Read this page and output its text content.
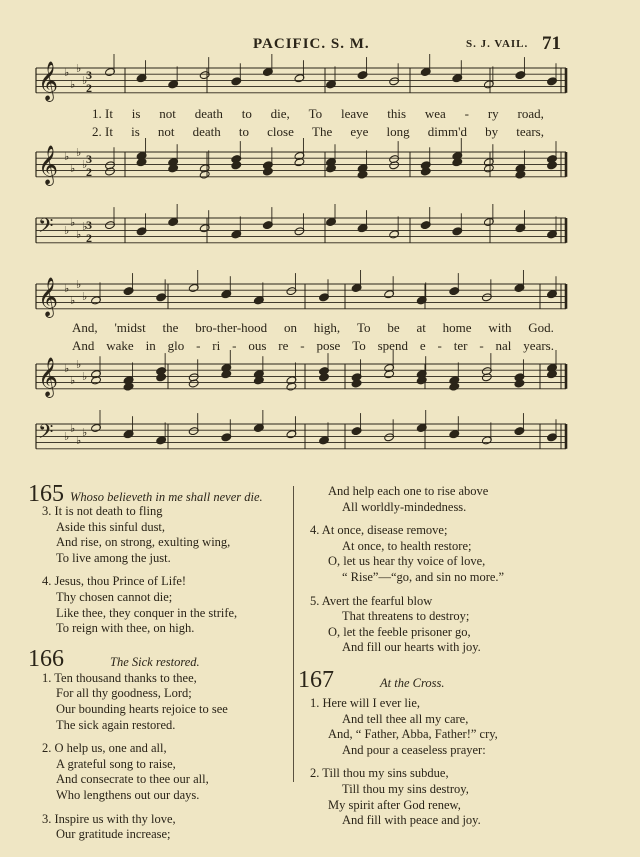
PACIFIC. S. M.	S. J. VAIL. 71
𝄞 ♭
♭
♭
♭
3
2
𝄞 ♭
♭
♭
♭
3
2
𝄢 ♭
♭
♭
♭
3
2
𝄞 ♭
♭
♭
♭
𝄞 ♭
♭
♭
♭
𝄢 ♭
♭
♭
♭
1. It is not death to die, To leave this wea - ry road,
2. It is not death to close The eye long dimm'd by tears,
And, 'midst the bro-ther-hood on high, To be at home with God.
And wake in glo - ri - ous re - pose To spend e - ter - nal years.
165 Whoso believeth in me shall never die.
3. It is not death to fling
Aside this sinful dust,
And rise, on strong, exulting wing,
To live among the just.
4. Jesus, thou Prince of Life!
Thy chosen cannot die;
Like thee, they conquer in the strife,
To reign with thee, on high.
166	The Sick restored.
1. Ten thousand thanks to thee,
For all thy goodness, Lord;
Our bounding hearts rejoice to see
The sick again restored.
2. O help us, one and all,
A grateful song to raise,
And consecrate to thee our all,
Who lengthens out our days.
3. Inspire us with thy love,
Our gratitude increase;
And help each one to rise above
All worldly-mindedness.
4. At once, disease remove;
At once, to health restore;
O, let us hear thy voice of love,
“ Rise”—“go, and sin no more.”
5. Avert the fearful blow
That threatens to destroy;
O, let the feeble prisoner go,
And fill our hearts with joy.
167	At the Cross.
1. Here will I ever lie,
And tell thee all my care,
And, “ Father, Abba, Father!” cry,
And pour a ceaseless prayer:
2. Till thou my sins subdue,
Till thou my sins destroy,
My spirit after God renew,
And fill with peace and joy.
